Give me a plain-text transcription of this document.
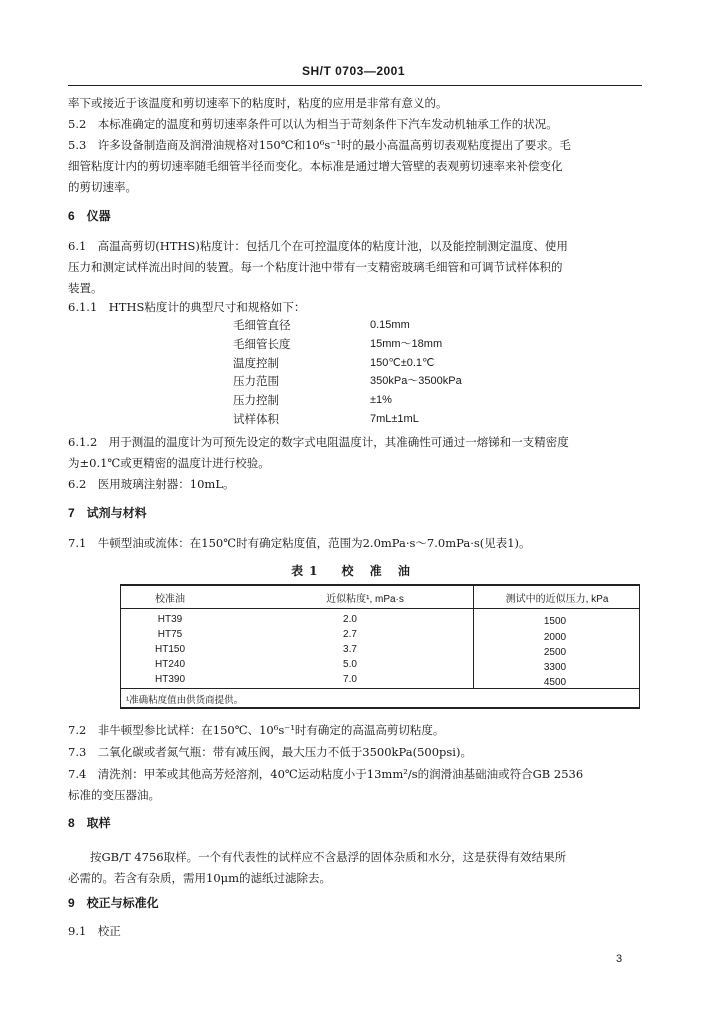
SH/T 0703—2001
率下或接近于该温度和剪切速率下的粘度时，粘度的应用是非常有意义的。
5.2　本标准确定的温度和剪切速率条件可以认为相当于苛刻条件下汽车发动机轴承工作的状况。
5.3　许多设备制造商及润滑油规格对150℃和10⁶s⁻¹时的最小高温高剪切表观粘度提出了要求。毛
细管粘度计内的剪切速率随毛细管半径而变化。本标准是通过增大管壁的表观剪切速率来补偿变化
的剪切速率。
6　仪器
6.1　高温高剪切(HTHS)粘度计：包括几个在可控温度体的粘度计池，以及能控制测定温度、使用
压力和测定试样流出时间的装置。每一个粘度计池中带有一支精密玻璃毛细管和可调节试样体积的
装置。
6.1.1　HTHS粘度计的典型尺寸和规格如下：
毛细管直径	0.15mm
毛细管长度	15mm～18mm
温度控制	150℃±0.1℃
压力范围	350kPa～3500kPa
压力控制	±1%
试样体积	7mL±1mL
6.1.2　用于测温的温度计为可预先设定的数字式电阻温度计，其准确性可通过一熔锑和一支精密度
为±0.1℃或更精密的温度计进行校验。
6.2　医用玻璃注射器：10mL。
7　试剂与材料
7.1　牛顿型油或流体：在150℃时有确定粘度值，范围为2.0mPa·s～7.0mPa·s(见表1)。
表1　校 准 油
校准油	近似粘度¹, mPa·s	测试中的近似压力, kPa
HT39	2.0	1500
HT75	2.7	2000
HT150	3.7	2500
HT240	5.0	3300
HT390	7.0	4500
¹准确粘度值由供货商提供。
7.2　非牛顿型参比试样：在150℃、10⁶s⁻¹时有确定的高温高剪切粘度。
7.3　二氧化碳或者氮气瓶：带有减压阀，最大压力不低于3500kPa(500psi)。
7.4　清洗剂：甲苯或其他高芳烃溶剂，40℃运动粘度小于13mm²/s的润滑油基础油或符合GB 2536
标准的变压器油。
8　取样
按GB/T 4756取样。一个有代表性的试样应不含悬浮的固体杂质和水分，这是获得有效结果所
必需的。若含有杂质，需用10μm的滤纸过滤除去。
9　校正与标准化
9.1　校正
3
